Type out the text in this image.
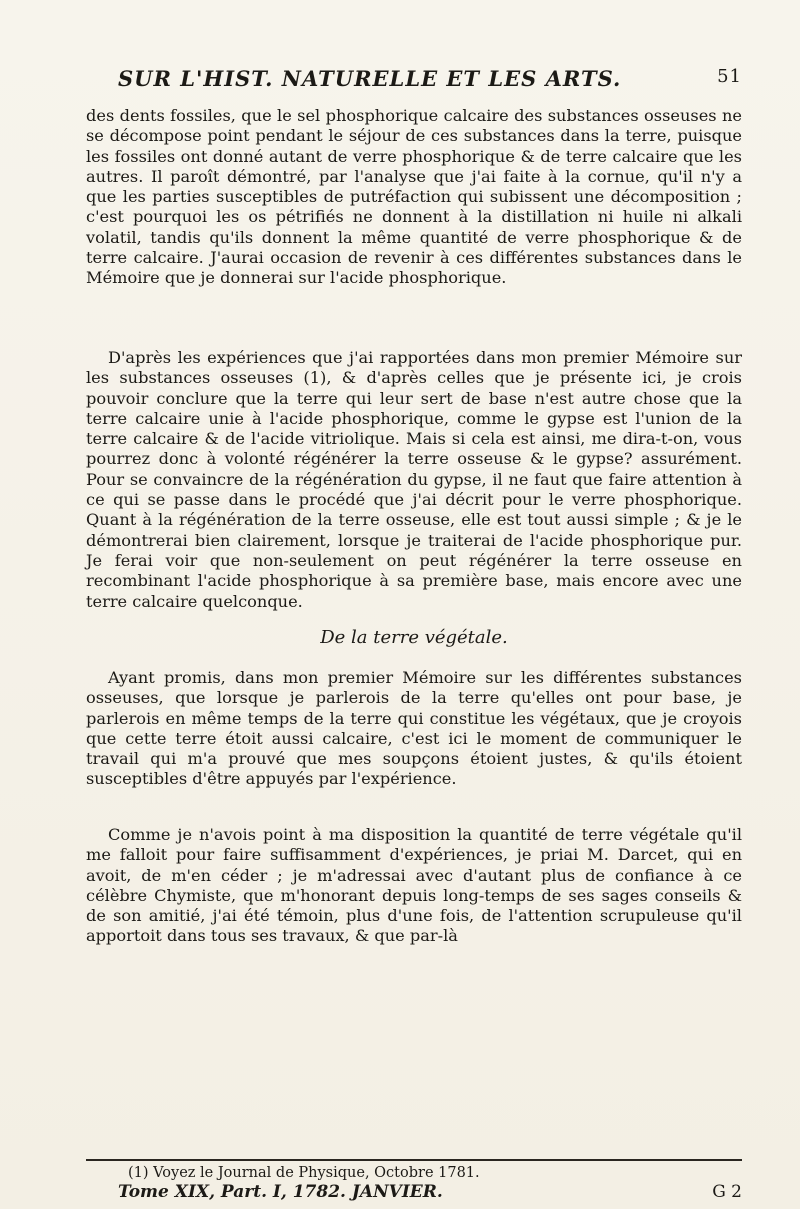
SUR L'HIST. NATURELLE ET LES ARTS.	51

des dents fossiles, que le sel phosphorique calcaire des substances osseuses ne se décompose point pendant le séjour de ces substances dans la terre, puisque les fossiles ont donné autant de verre phosphorique & de terre calcaire que les autres. Il paroît démontré, par l'analyse que j'ai faite à la cornue, qu'il n'y a que les parties susceptibles de putréfaction qui subissent une décomposition ; c'est pourquoi les os pétrifiés ne donnent à la distillation ni huile ni alkali volatil, tandis qu'ils donnent la même quantité de verre phosphorique & de terre calcaire. J'aurai occasion de revenir à ces différentes substances dans le Mémoire que je donnerai sur l'acide phosphorique.

D'après les expériences que j'ai rapportées dans mon premier Mémoire sur les substances osseuses (1), & d'après celles que je présente ici, je crois pouvoir conclure que la terre qui leur sert de base n'est autre chose que la terre calcaire unie à l'acide phosphorique, comme le gypse est l'union de la terre calcaire & de l'acide vitriolique. Mais si cela est ainsi, me dira-t-on, vous pourrez donc à volonté régénérer la terre osseuse & le gypse? assurément. Pour se convaincre de la régénération du gypse, il ne faut que faire attention à ce qui se passe dans le procédé que j'ai décrit pour le verre phosphorique. Quant à la régénération de la terre osseuse, elle est tout aussi simple ; & je le démontrerai bien clairement, lorsque je traiterai de l'acide phosphorique pur. Je ferai voir que non-seulement on peut régénérer la terre osseuse en recombinant l'acide phosphorique à sa première base, mais encore avec une terre calcaire quelconque.

De la terre végétale.

Ayant promis, dans mon premier Mémoire sur les différentes substances osseuses, que lorsque je parlerois de la terre qu'elles ont pour base, je parlerois en même temps de la terre qui constitue les végétaux, que je croyois que cette terre étoit aussi calcaire, c'est ici le moment de communiquer le travail qui m'a prouvé que mes soupçons étoient justes, & qu'ils étoient susceptibles d'être appuyés par l'expérience.

Comme je n'avois point à ma disposition la quantité de terre végétale qu'il me falloit pour faire suffisamment d'expériences, je priai M. Darcet, qui en avoit, de m'en céder ; je m'adressai avec d'autant plus de confiance à ce célèbre Chymiste, que m'honorant depuis long-temps de ses sages conseils & de son amitié, j'ai été témoin, plus d'une fois, de l'attention scrupuleuse qu'il apportoit dans tous ses travaux, & que par-là

(1) Voyez le Journal de Physique, Octobre 1781.
Tome XIX, Part. I, 1782. JANVIER.	G 2
